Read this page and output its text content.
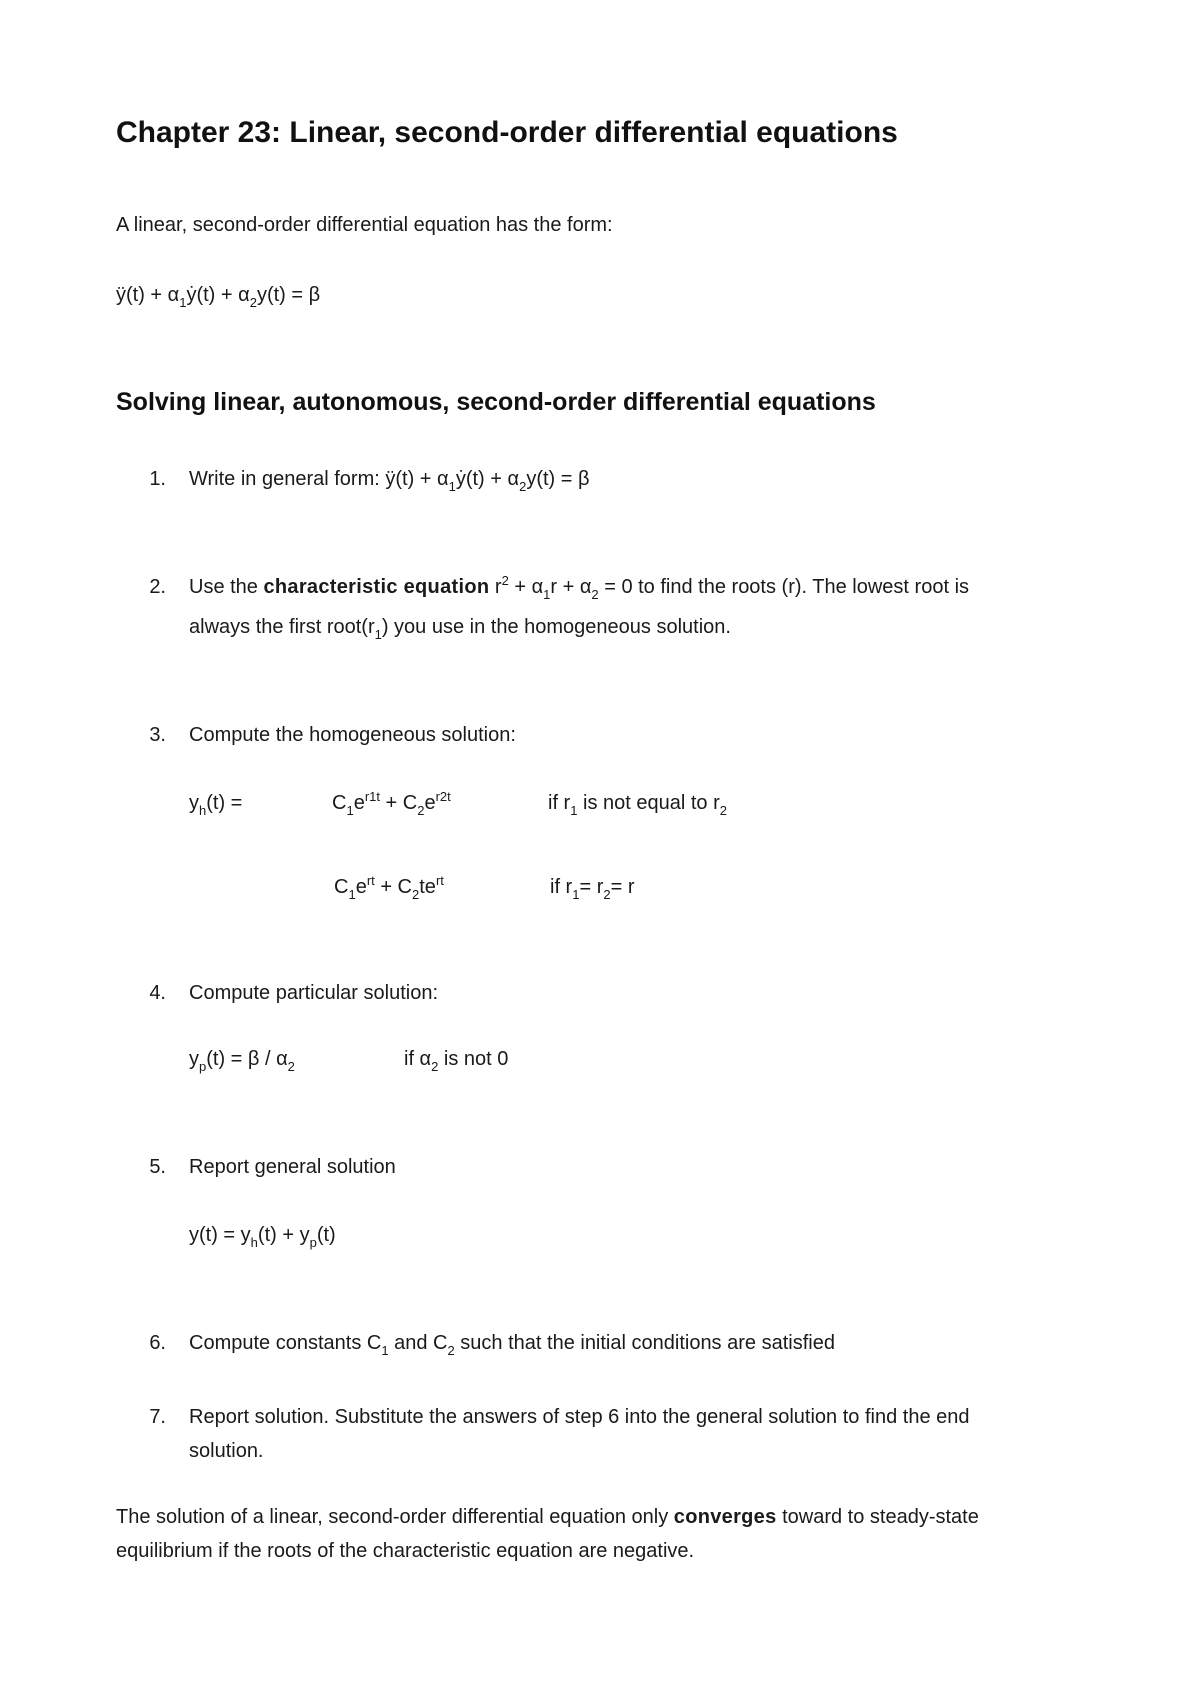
Chapter 23: Linear, second-order differential equations
A linear, second-order differential equation has the form:
ÿ(t) + $\alpha_1ẏ(t) + \alpha_2y(t) = \beta$
Solving linear, autonomous, second-order differential equations
1. Write in general form: ÿ(t) + $\alpha_1ẏ(t) + \alpha_2y(t) = \beta$
2. Use the characteristic equation $r^2 + \alpha_1r + \alpha_2 = 0$ to find the roots (r). The lowest root is
always the first $root(r_1)$ you use in the homogeneous solution.
3. Compute the homogeneous solution:
$y_h(t)$ =	$C_1e^{r1t} + C_2e^{r2t}$	if $r_1$ is not equal to $r_2$
$C_1e^{rt} + C_2te^{rt}$	if $r_1= r_2= r$
4. Compute particular solution:
$y_p(t) = \beta / \alpha_2$	if $\alpha_2$ is not 0
5. Report general solution
$y(t) = y_h(t) + y_p(t)$
6. Compute constants $C_1$ and $C_2$ such that the initial conditions are satisfied
7. Report solution. Substitute the answers of step 6 into the general solution to find the end
solution.
The solution of a linear, second-order differential equation only converges toward to steady-state
equilibrium if the roots of the characteristic equation are negative.
